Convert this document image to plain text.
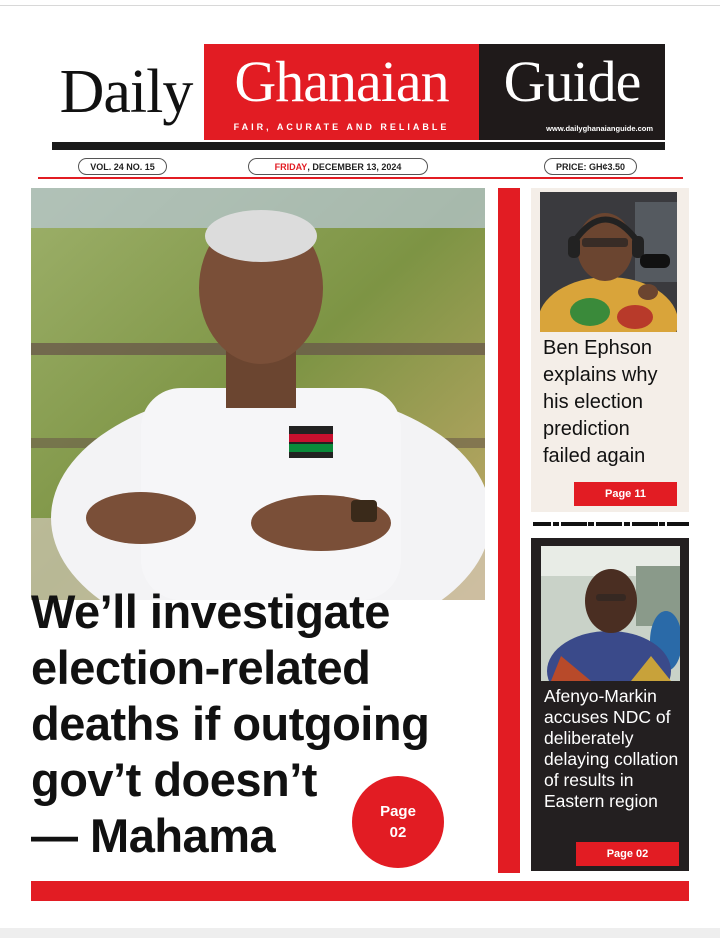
Daily Ghanaian
FAIR, ACURATE AND RELIABLE
Guide
www.dailyghanaianguide.com
VOL. 24 NO. 15	FRIDAY , DECEMBER 13, 2024	PRICE: GH¢3.50
We’ll investigate
election-related
deaths if outgoing
gov’t doesn’t
— Mahama	Page
02
Ben Ephson explains why his election prediction failed again
Page 11
Afenyo-Markin accuses NDC of deliberately delaying collation of results in Eastern region
Page 02
